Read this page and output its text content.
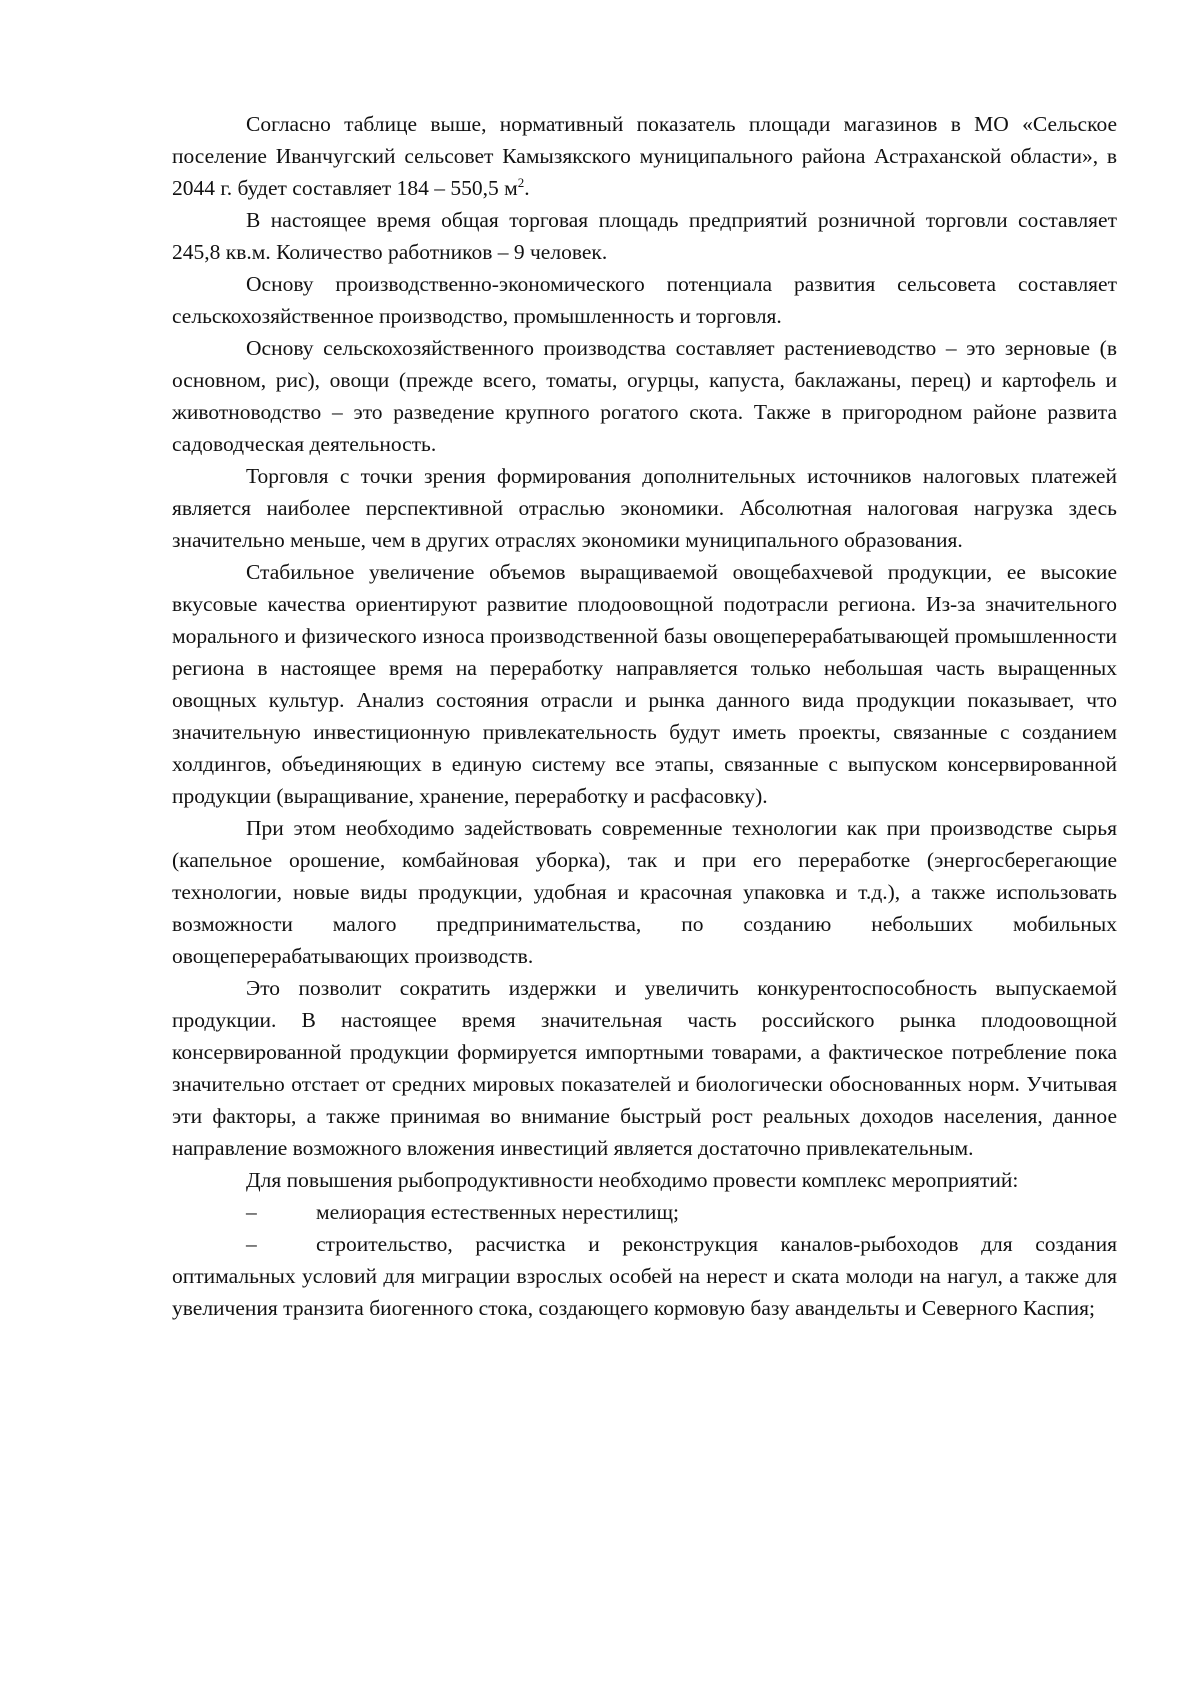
Согласно таблице выше, нормативный показатель площади магазинов в МО «Сельское поселение Иванчугский сельсовет Камызякского муниципального района Астраханской области», в 2044 г. будет составляет 184 – 550,5 $м^2$.

В настоящее время общая торговая площадь предприятий розничной торговли составляет 245,8 кв.м. Количество работников – 9 человек.

Основу производственно-экономического потенциала развития сельсовета составляет сельскохозяйственное производство, промышленность и торговля.

Основу сельскохозяйственного производства составляет растениеводство – это зерновые (в основном, рис), овощи (прежде всего, томаты, огурцы, капуста, баклажаны, перец) и картофель и животноводство – это разведение крупного рогатого скота. Также в пригородном районе развита садоводческая деятельность.

Торговля с точки зрения формирования дополнительных источников налоговых платежей является наиболее перспективной отраслью экономики. Абсолютная налоговая нагрузка здесь значительно меньше, чем в других отраслях экономики муниципального образования.

Стабильное увеличение объемов выращиваемой овощебахчевой продукции, ее высокие вкусовые качества ориентируют развитие плодоовощной подотрасли региона. Из-за значительного морального и физического износа производственной базы овощеперерабатывающей промышленности региона в настоящее время на переработку направляется только небольшая часть выращенных овощных культур. Анализ состояния отрасли и рынка данного вида продукции показывает, что значительную инвестиционную привлекательность будут иметь проекты, связанные с созданием холдингов, объединяющих в единую систему все этапы, связанные с выпуском консервированной продукции (выращивание, хранение, переработку и расфасовку).

При этом необходимо задействовать современные технологии как при производстве сырья (капельное орошение, комбайновая уборка), так и при его переработке (энергосберегающие технологии, новые виды продукции, удобная и красочная упаковка и т.д.), а также использовать возможности малого предпринимательства, по созданию небольших мобильных овощеперерабатывающих производств.

Это позволит сократить издержки и увеличить конкурентоспособность выпускаемой продукции. В настоящее время значительная часть российского рынка плодоовощной консервированной продукции формируется импортными товарами, а фактическое потребление пока значительно отстает от средних мировых показателей и биологически обоснованных норм. Учитывая эти факторы, а также принимая во внимание быстрый рост реальных доходов населения, данное направление возможного вложения инвестиций является достаточно привлекательным.

Для повышения рыбопродуктивности необходимо провести комплекс мероприятий:

–	мелиорация естественных нерестилищ;

–	строительство, расчистка и реконструкция каналов-рыбоходов для создания оптимальных условий для миграции взрослых особей на нерест и ската молоди на нагул, а также для увеличения транзита биогенного стока, создающего кормовую базу авандельты и Северного Каспия;
